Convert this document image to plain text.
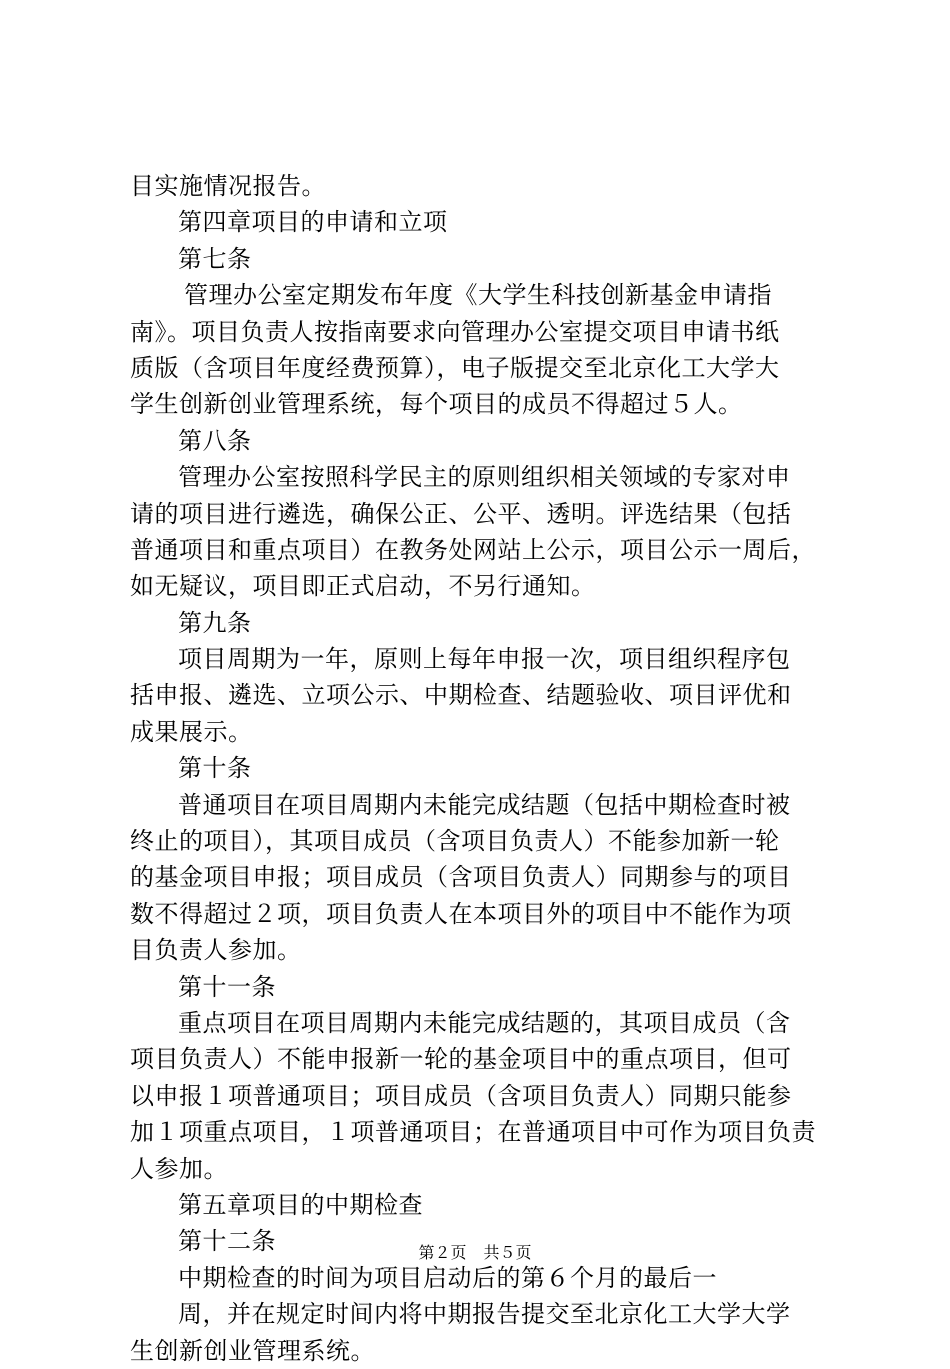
目实施情况报告。
第四章项目的申请和立项
第七条
管理办公室定期发布年度《大学生科技创新基金申请指
南》。项目负责人按指南要求向管理办公室提交项目申请书纸
质版（含项目年度经费预算），电子版提交至北京化工大学大
学生创新创业管理系统，每个项目的成员不得超过５人。
第八条
管理办公室按照科学民主的原则组织相关领域的专家对申
请的项目进行遴选，确保公正、公平、透明。评选结果（包括
普通项目和重点项目）在教务处网站上公示，项目公示一周后，
如无疑议，项目即正式启动，不另行通知。
第九条
项目周期为一年，原则上每年申报一次，项目组织程序包
括申报、遴选、立项公示、中期检查、结题验收、项目评优和
成果展示。
第十条
普通项目在项目周期内未能完成结题（包括中期检查时被
终止的项目），其项目成员（含项目负责人）不能参加新一轮
的基金项目申报；项目成员（含项目负责人）同期参与的项目
数不得超过２项，项目负责人在本项目外的项目中不能作为项
目负责人参加。
第十一条
重点项目在项目周期内未能完成结题的，其项目成员（含
项目负责人）不能申报新一轮的基金项目中的重点项目，但可
以申报１项普通项目；项目成员（含项目负责人）同期只能参
加１项重点项目，１项普通项目；在普通项目中可作为项目负责
人参加。
第五章项目的中期检查
第十二条
中期检查的时间为项目启动后的第６个月的最后一
周，并在规定时间内将中期报告提交至北京化工大学大学
生创新创业管理系统。
第２页 共５页
